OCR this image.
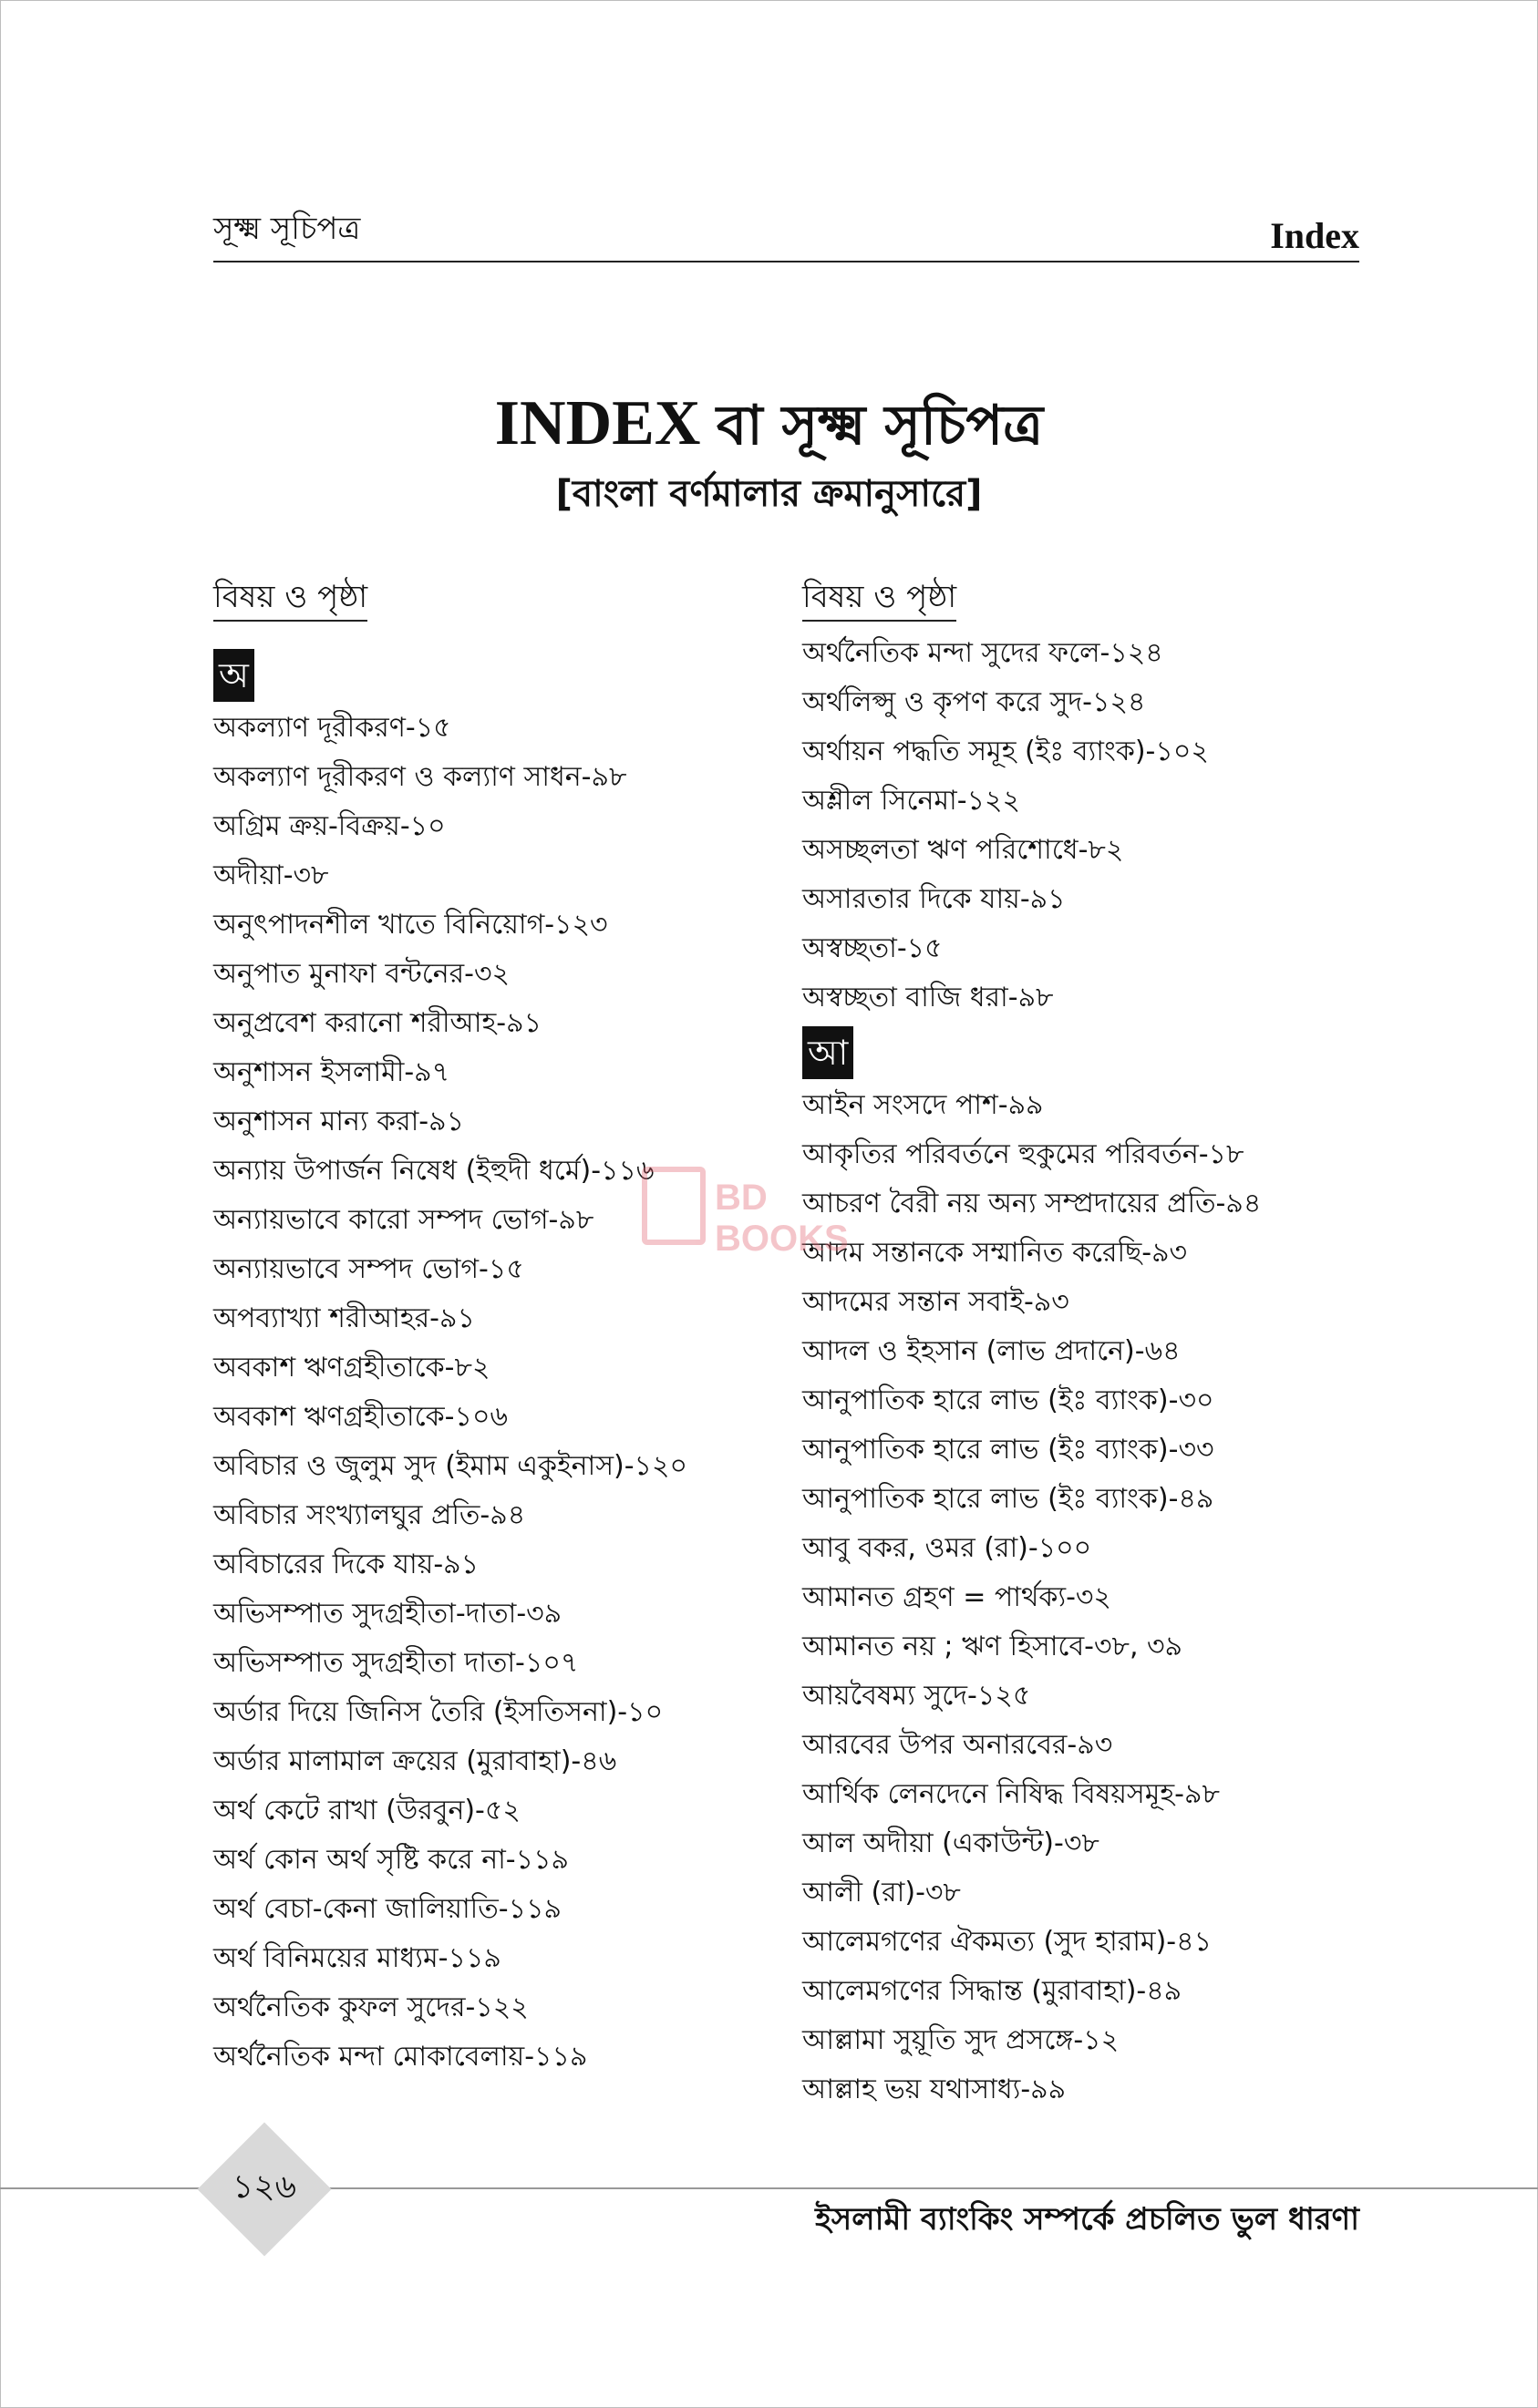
সূক্ষ্ম সূচিপত্র	Index
INDEX বা সূক্ষ্ম সূচিপত্র
[বাংলা বর্ণমালার ক্রমানুসারে]
বিষয় ও পৃষ্ঠা
অ
অকল্যাণ দূরীকরণ-১৫
অকল্যাণ দূরীকরণ ও কল্যাণ সাধন-৯৮
অগ্রিম ক্রয়-বিক্রয়-১০
অদীয়া-৩৮
অনুৎপাদনশীল খাতে বিনিয়োগ-১২৩
অনুপাত মুনাফা বন্টনের-৩২
অনুপ্রবেশ করানো শরীআহ-৯১
অনুশাসন ইসলামী-৯৭
অনুশাসন মান্য করা-৯১
অন্যায় উপার্জন নিষেধ (ইহুদী ধর্মে)-১১৬
অন্যায়ভাবে কারো সম্পদ ভোগ-৯৮
অন্যায়ভাবে সম্পদ ভোগ-১৫
অপব্যাখ্যা শরীআহর-৯১
অবকাশ ঋণগ্রহীতাকে-৮২
অবকাশ ঋণগ্রহীতাকে-১০৬
অবিচার ও জুলুম সুদ (ইমাম একুইনাস)-১২০
অবিচার সংখ্যালঘুর প্রতি-৯৪
অবিচারের দিকে যায়-৯১
অভিসম্পাত সুদগ্রহীতা-দাতা-৩৯
অভিসম্পাত সুদগ্রহীতা দাতা-১০৭
অর্ডার দিয়ে জিনিস তৈরি (ইসতিসনা)-১০
অর্ডার মালামাল ক্রয়ের (মুরাবাহা)-৪৬
অর্থ কেটে রাখা (উরবুন)-৫২
অর্থ কোন অর্থ সৃষ্টি করে না-১১৯
অর্থ বেচা-কেনা জালিয়াতি-১১৯
অর্থ বিনিময়ের মাধ্যম-১১৯
অর্থনৈতিক কুফল সুদের-১২২
অর্থনৈতিক মন্দা মোকাবেলায়-১১৯
বিষয় ও পৃষ্ঠা
অর্থনৈতিক মন্দা সুদের ফলে-১২৪
অর্থলিপ্সু ও কৃপণ করে সুদ-১২৪
অর্থায়ন পদ্ধতি সমূহ (ইঃ ব্যাংক)-১০২
অশ্লীল সিনেমা-১২২
অসচ্ছলতা ঋণ পরিশোধে-৮২
অসারতার দিকে যায়-৯১
অস্বচ্ছতা-১৫
অস্বচ্ছতা বাজি ধরা-৯৮
আ
আইন সংসদে পাশ-৯৯
আকৃতির পরিবর্তনে হুকুমের পরিবর্তন-১৮
আচরণ বৈরী নয় অন্য সম্প্রদায়ের প্রতি-৯৪
আদম সন্তানকে সম্মানিত করেছি-৯৩
আদমের সন্তান সবাই-৯৩
আদল ও ইহসান (লাভ প্রদানে)-৬৪
আনুপাতিক হারে লাভ (ইঃ ব্যাংক)-৩০
আনুপাতিক হারে লাভ (ইঃ ব্যাংক)-৩৩
আনুপাতিক হারে লাভ (ইঃ ব্যাংক)-৪৯
আবু বকর, ওমর (রা)-১০০
আমানত গ্রহণ = পার্থক্য-৩২
আমানত নয় ; ঋণ হিসাবে-৩৮, ৩৯
আয়বৈষম্য সুদে-১২৫
আরবের উপর অনারবের-৯৩
আর্থিক লেনদেনে নিষিদ্ধ বিষয়সমূহ-৯৮
আল অদীয়া (একাউন্ট)-৩৮
আলী (রা)-৩৮
আলেমগণের ঐকমত্য (সুদ হারাম)-৪১
আলেমগণের সিদ্ধান্ত (মুরাবাহা)-৪৯
আল্লামা সুয়ূতি সুদ প্রসঙ্গে-১২
আল্লাহ ভয় যথাসাধ্য-৯৯
BD BOOKS
১২৬
ইসলামী ব্যাংকিং সম্পর্কে প্রচলিত ভুল ধারণা
